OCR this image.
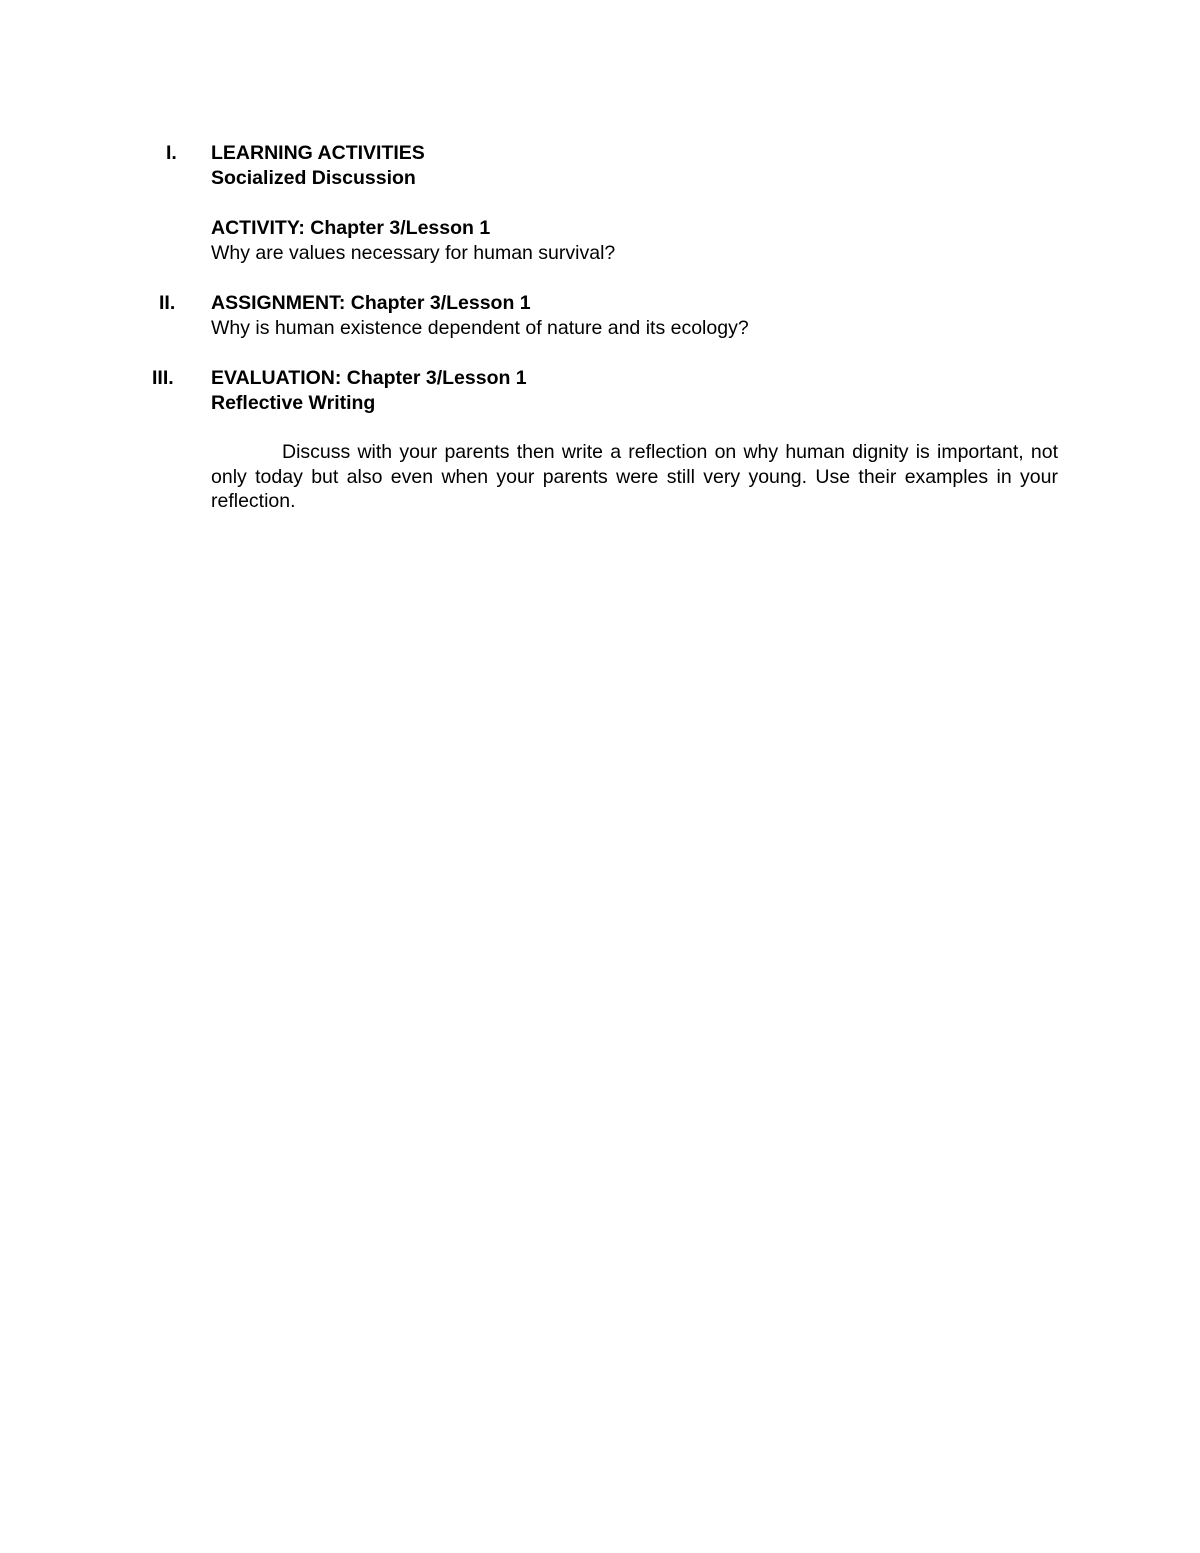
I. LEARNING ACTIVITIES
Socialized Discussion
ACTIVITY: Chapter 3/Lesson 1
Why are values necessary for human survival?
II. ASSIGNMENT: Chapter 3/Lesson 1
Why is human existence dependent of nature and its ecology?
III. EVALUATION: Chapter 3/Lesson 1
Reflective Writing
Discuss with your parents then write a reflection on why human dignity is important, not only today but also even when your parents were still very young. Use their examples in your reflection.
